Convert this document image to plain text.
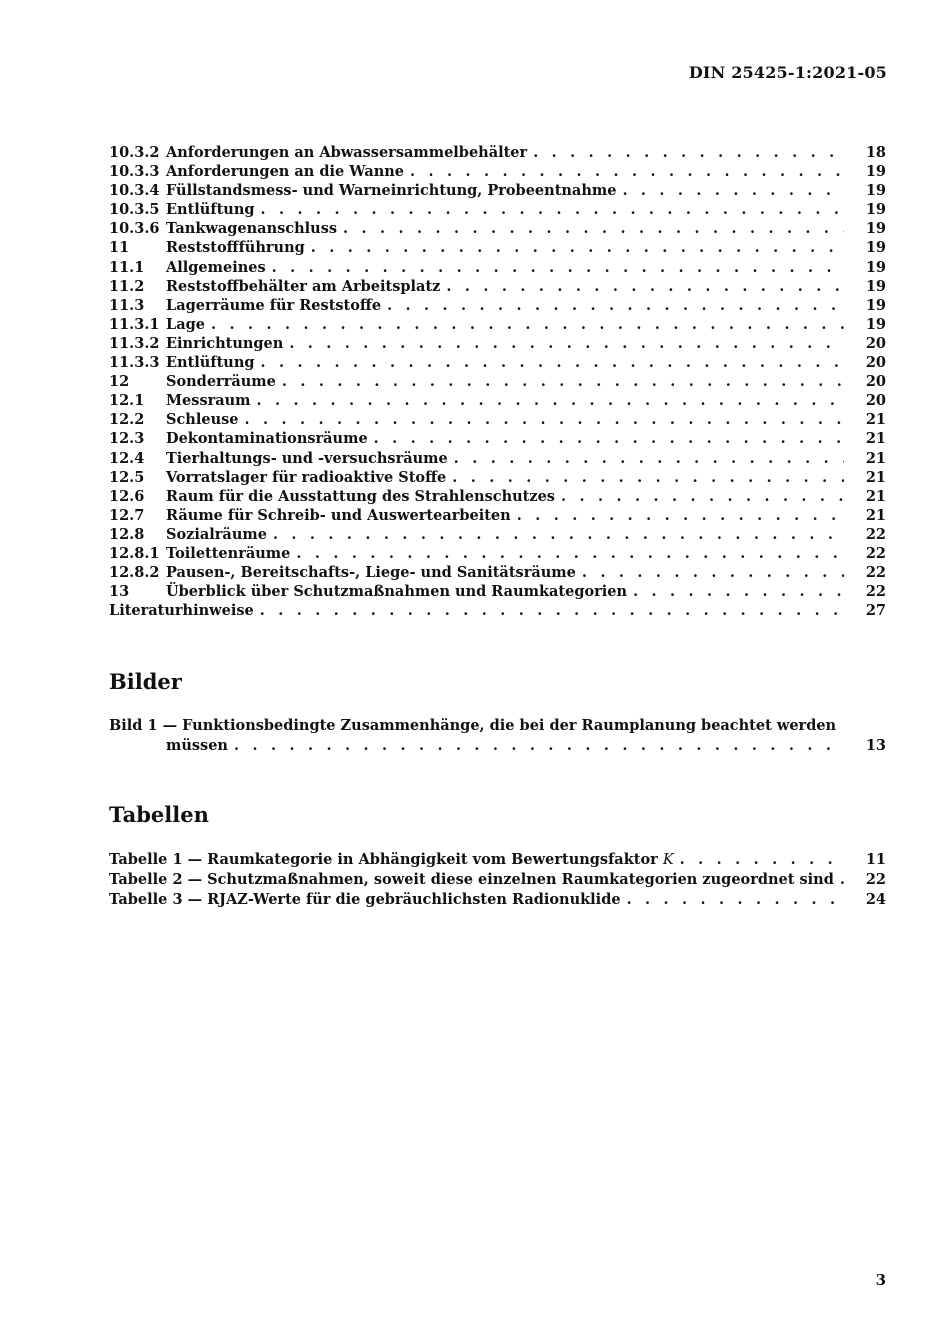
DIN 25425-1:2021-05
10.3.2 Anforderungen an Abwassersammelbehälter . . .	18
10.3.3 Anforderungen an die Wanne . . .	19
10.3.4 Füllstandsmess- und Warneinrichtung, Probeentnahme . . .	19
10.3.5 Entlüftung . . .	19
10.3.6 Tankwagenanschluss . . .	19
11	Reststoffführung . . .	19
11.1	Allgemeines . . .	19
11.2	Reststoffbehälter am Arbeitsplatz . . .	19
11.3	Lagerräume für Reststoffe . . .	19
11.3.1 Lage . . .	19
11.3.2 Einrichtungen . . .	20
11.3.3 Entlüftung . . .	20
12	Sonderräume . . .	20
12.1	Messraum . . .	20
12.2	Schleuse . . .	21
12.3	Dekontaminationsräume . . .	21
12.4	Tierhaltungs- und -versuchsräume . . .	21
12.5	Vorratslager für radioaktive Stoffe . . .	21
12.6	Raum für die Ausstattung des Strahlenschutzes . . .	21
12.7	Räume für Schreib- und Auswertearbeiten . . .	21
12.8	Sozialräume . . .	22
12.8.1 Toilettenräume . . .	22
12.8.2 Pausen-, Bereitschafts-, Liege- und Sanitätsräume . . .	22
13	Überblick über Schutzmaßnahmen und Raumkategorien . . .	22
Literaturhinweise . . .	27
Bilder
Bild 1 — Funktionsbedingte Zusammenhänge, die bei der Raumplanung beachtet werden
müssen . . .	13
Tabellen
Tabelle 1 — Raumkategorie in Abhängigkeit vom Bewertungsfaktor K . . .	11
Tabelle 2 — Schutzmaßnahmen, soweit diese einzelnen Raumkategorien zugeordnet sind . . .	22
Tabelle 3 — RJAZ-Werte für die gebräuchlichsten Radionuklide . . .	24
3
